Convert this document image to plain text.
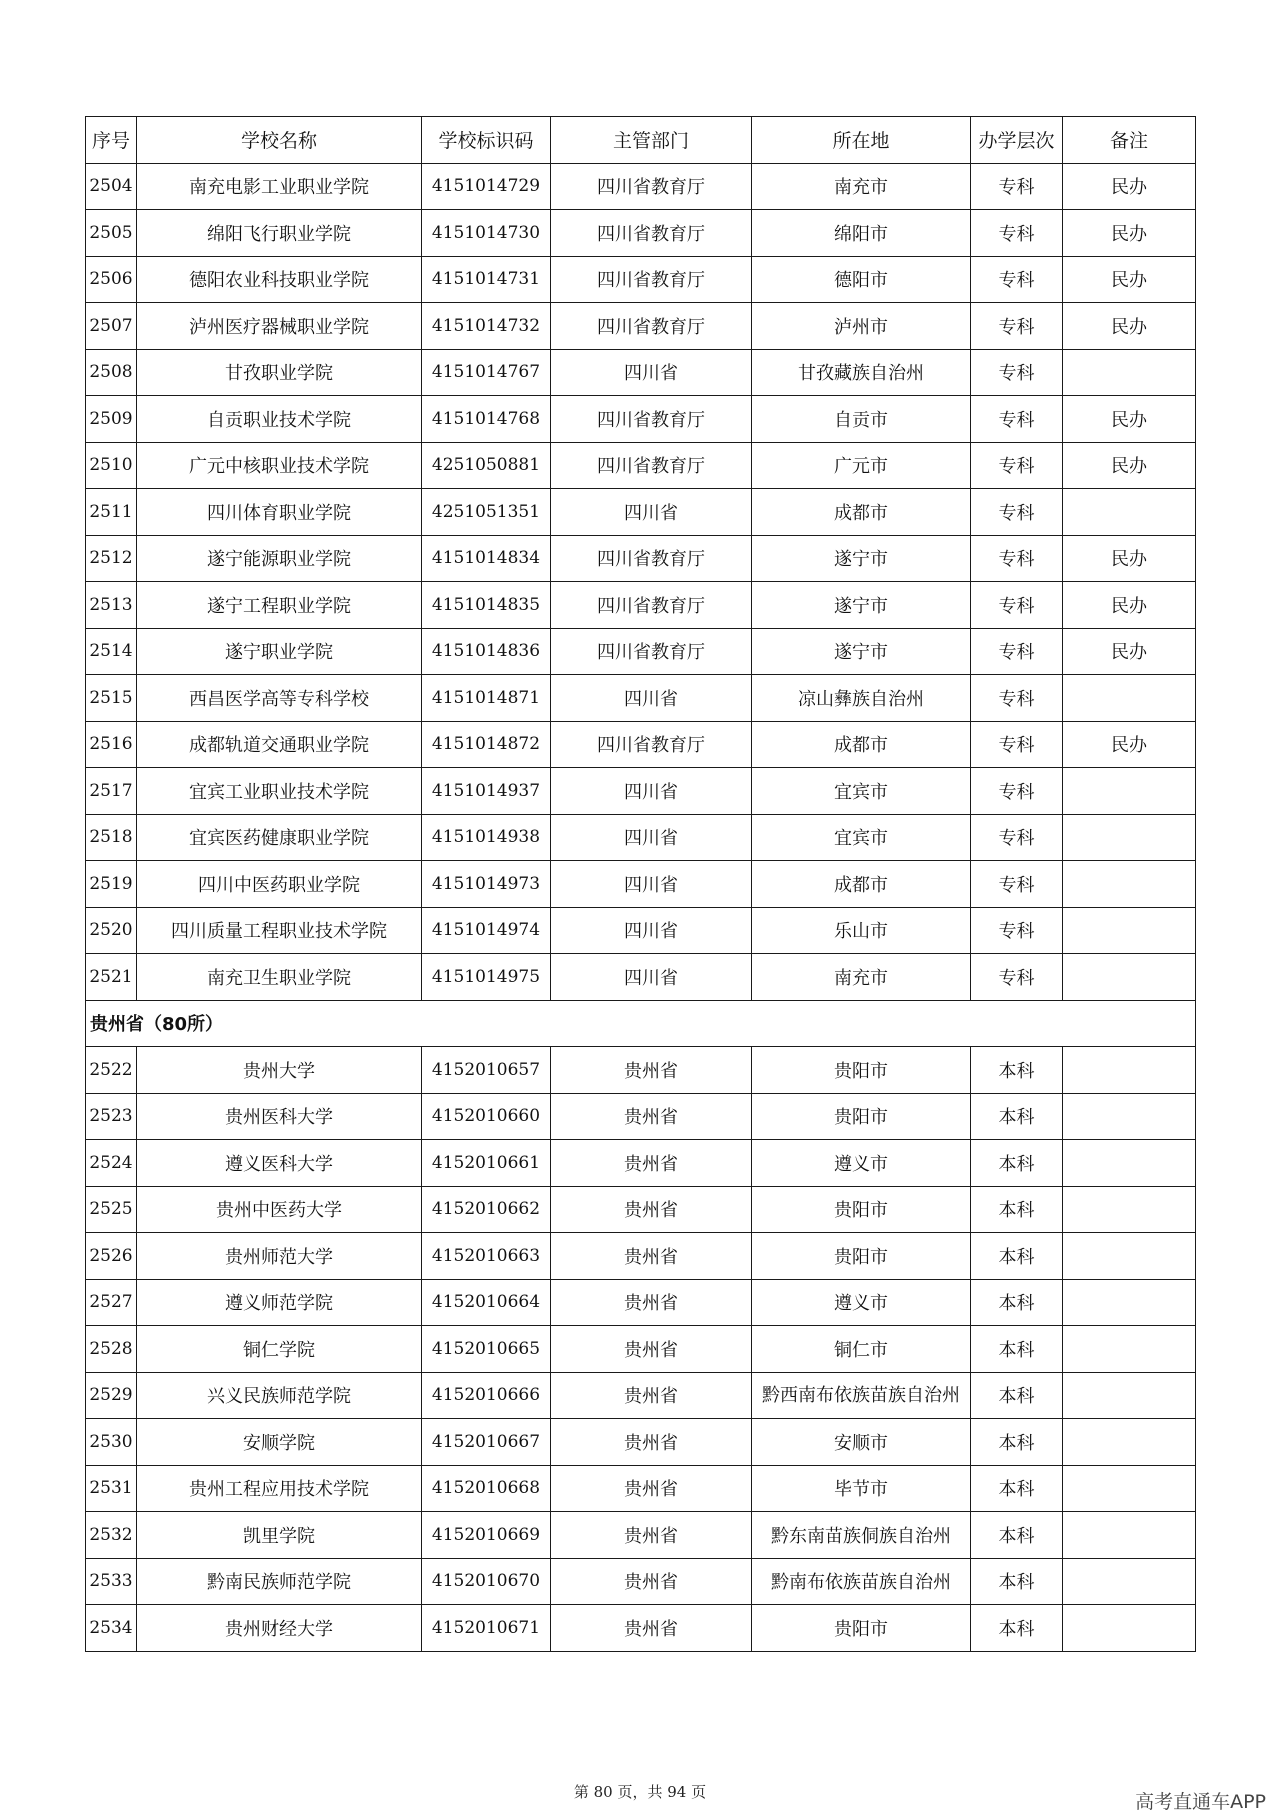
序号	学校名称	学校标识码	主管部门	所在地	办学层次	备注
2504	南充电影工业职业学院	4151014729	四川省教育厅	南充市	专科	民办
2505	绵阳飞行职业学院	4151014730	四川省教育厅	绵阳市	专科	民办
2506	德阳农业科技职业学院	4151014731	四川省教育厅	德阳市	专科	民办
2507	泸州医疗器械职业学院	4151014732	四川省教育厅	泸州市	专科	民办
2508	甘孜职业学院	4151014767	四川省	甘孜藏族自治州	专科	
2509	自贡职业技术学院	4151014768	四川省教育厅	自贡市	专科	民办
2510	广元中核职业技术学院	4251050881	四川省教育厅	广元市	专科	民办
2511	四川体育职业学院	4251051351	四川省	成都市	专科	
2512	遂宁能源职业学院	4151014834	四川省教育厅	遂宁市	专科	民办
2513	遂宁工程职业学院	4151014835	四川省教育厅	遂宁市	专科	民办
2514	遂宁职业学院	4151014836	四川省教育厅	遂宁市	专科	民办
2515	西昌医学高等专科学校	4151014871	四川省	凉山彝族自治州	专科	
2516	成都轨道交通职业学院	4151014872	四川省教育厅	成都市	专科	民办
2517	宜宾工业职业技术学院	4151014937	四川省	宜宾市	专科	
2518	宜宾医药健康职业学院	4151014938	四川省	宜宾市	专科	
2519	四川中医药职业学院	4151014973	四川省	成都市	专科	
2520	四川质量工程职业技术学院	4151014974	四川省	乐山市	专科	
2521	南充卫生职业学院	4151014975	四川省	南充市	专科	
贵州省（80所）						
2522	贵州大学	4152010657	贵州省	贵阳市	本科	
2523	贵州医科大学	4152010660	贵州省	贵阳市	本科	
2524	遵义医科大学	4152010661	贵州省	遵义市	本科	
2525	贵州中医药大学	4152010662	贵州省	贵阳市	本科	
2526	贵州师范大学	4152010663	贵州省	贵阳市	本科	
2527	遵义师范学院	4152010664	贵州省	遵义市	本科	
2528	铜仁学院	4152010665	贵州省	铜仁市	本科	
2529	兴义民族师范学院	4152010666	贵州省	黔西南布依族苗族自治州	本科	
2530	安顺学院	4152010667	贵州省	安顺市	本科	
2531	贵州工程应用技术学院	4152010668	贵州省	毕节市	本科	
2532	凯里学院	4152010669	贵州省	黔东南苗族侗族自治州	本科	
2533	黔南民族师范学院	4152010670	贵州省	黔南布依族苗族自治州	本科	
2534	贵州财经大学	4152010671	贵州省	贵阳市	本科	
第 80 页，共 94 页	高考直通车APP
